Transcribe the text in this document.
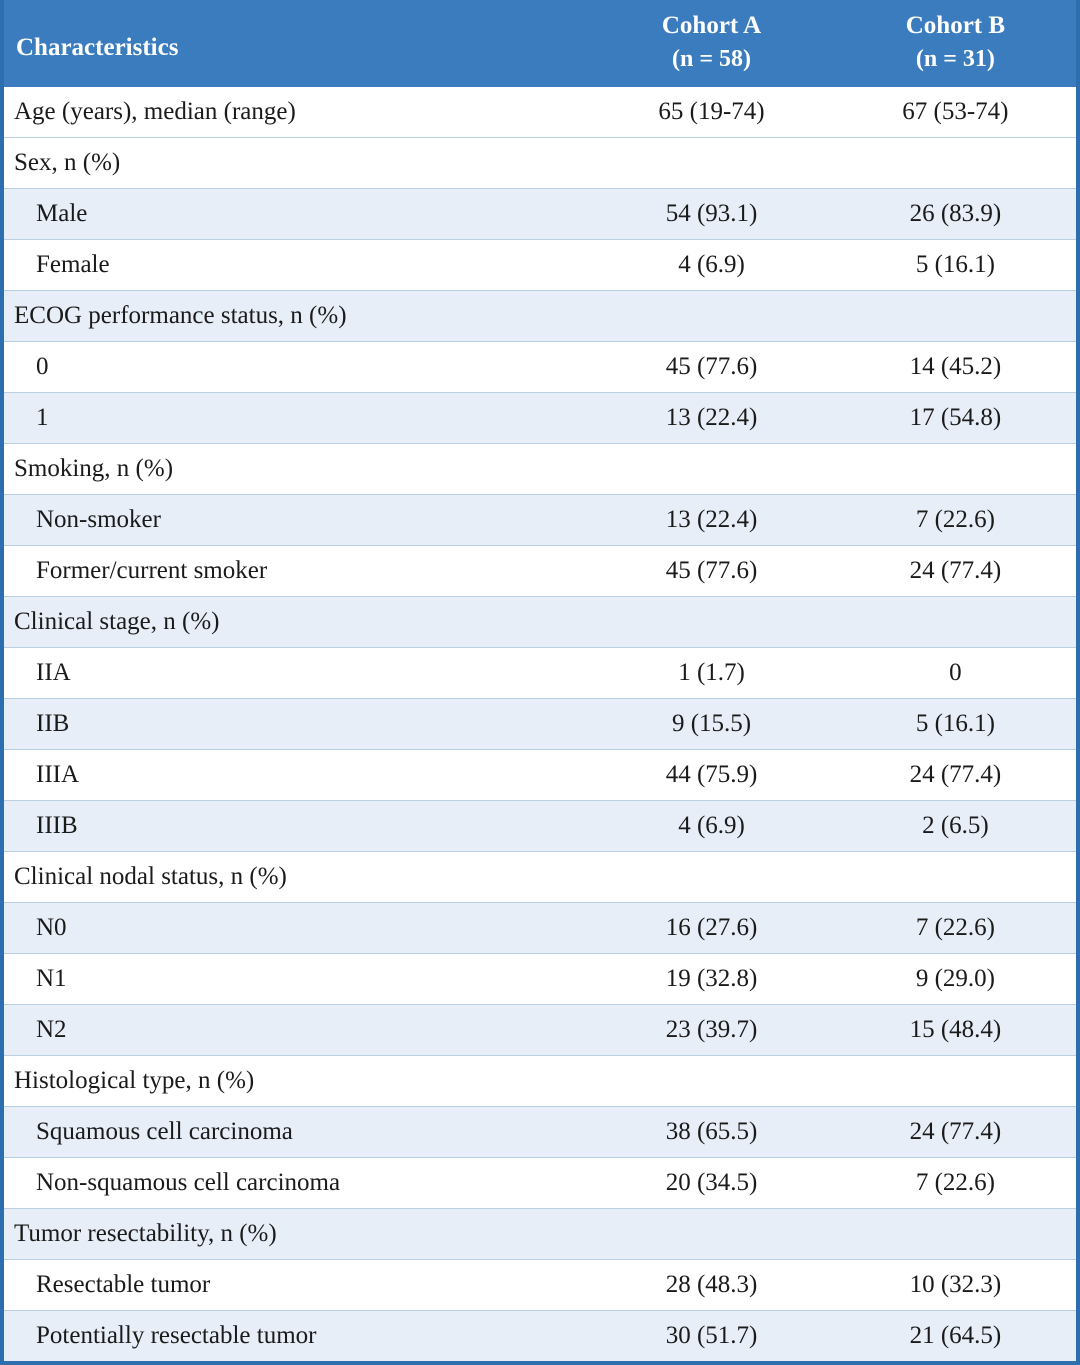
Characteristics	Cohort A	Cohort B
	(n = 58)	(n = 31)
Age (years), median (range)	65 (19-74)	67 (53-74)
Sex, n (%)		
Male	54 (93.1)	26 (83.9)
Female	4 (6.9)	5 (16.1)
ECOG performance status, n (%)		
0	45 (77.6)	14 (45.2)
1	13 (22.4)	17 (54.8)
Smoking, n (%)		
Non-smoker	13 (22.4)	7 (22.6)
Former/current smoker	45 (77.6)	24 (77.4)
Clinical stage, n (%)		
IIA	1 (1.7)	0
IIB	9 (15.5)	5 (16.1)
IIIA	44 (75.9)	24 (77.4)
IIIB	4 (6.9)	2 (6.5)
Clinical nodal status, n (%)		
N0	16 (27.6)	7 (22.6)
N1	19 (32.8)	9 (29.0)
N2	23 (39.7)	15 (48.4)
Histological type, n (%)		
Squamous cell carcinoma	38 (65.5)	24 (77.4)
Non-squamous cell carcinoma	20 (34.5)	7 (22.6)
Tumor resectability, n (%)		
Resectable tumor	28 (48.3)	10 (32.3)
Potentially resectable tumor	30 (51.7)	21 (64.5)
